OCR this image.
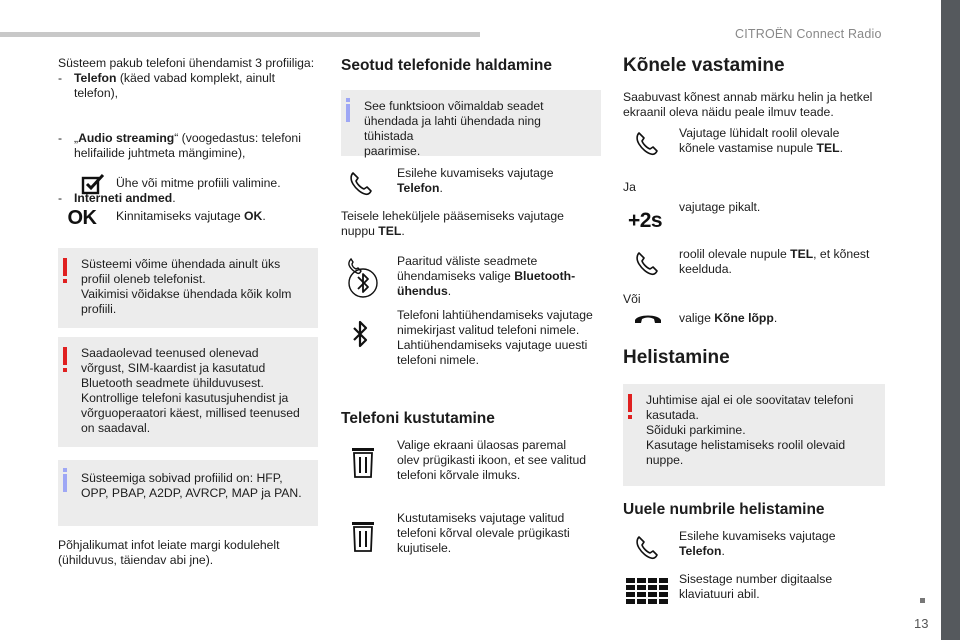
CITROËN Connect Radio
13
Süsteem pakub telefoni ühendamist 3 profiiliga:
- Telefon (käed vabad komplekt, ainult
telefon),
- „Audio streaming“ (voogedastus: telefoni
helifailide juhtmeta mängimine),
- Interneti andmed.
Ühe või mitme profiili valimine.
OK Kinnitamiseks vajutage OK.
Süsteemi võime ühendada ainult üks
profiil oleneb telefonist.
Vaikimisi võidakse ühendada kõik kolm
profiili.
Saadaolevad teenused olenevad
võrgust, SIM-kaardist ja kasutatud
Bluetooth seadmete ühilduvusest.
Kontrollige telefoni kasutusjuhendist ja
võrguoperaatori käest, millised teenused
on saadaval.
Süsteemiga sobivad profiilid on: HFP,
OPP, PBAP, A2DP, AVRCP, MAP ja PAN.
Põhjalikumat infot leiate margi kodulehelt
(ühilduvus, täiendav abi jne).
Seotud telefonide haldamine
See funktsioon võimaldab seadet
ühendada ja lahti ühendada ning tühistada
paarimise.
Esilehe kuvamiseks vajutage
Telefon.
Teisele leheküljele pääsemiseks vajutage
nuppu TEL.
Paaritud väliste seadmete
ühendamiseks valige Bluetooth-
ühendus.
Telefoni lahtiühendamiseks vajutage
nimekirjast valitud telefoni nimele.
Lahtiühendamiseks vajutage uuesti
telefoni nimele.
Telefoni kustutamine
Valige ekraani ülaosas paremal
olev prügikasti ikoon, et see valitud
telefoni kõrvale ilmuks.
Kustutamiseks vajutage valitud
telefoni kõrval olevale prügikasti
kujutisele.
Kõnele vastamine
Saabuvast kõnest annab märku helin ja hetkel
ekraanil oleva näidu peale ilmuv teade.
Vajutage lühidalt roolil olevale
kõnele vastamise nupule TEL.
Ja
+2s
vajutage pikalt.
roolil olevale nupule TEL, et kõnest
keelduda.
Või
valige Kõne lõpp.
Helistamine
Juhtimise ajal ei ole soovitatav telefoni
kasutada.
Sõiduki parkimine.
Kasutage helistamiseks roolil olevaid
nuppe.
Uuele numbrile helistamine
Esilehe kuvamiseks vajutage
Telefon.
Sisestage number digitaalse
klaviatuuri abil.
